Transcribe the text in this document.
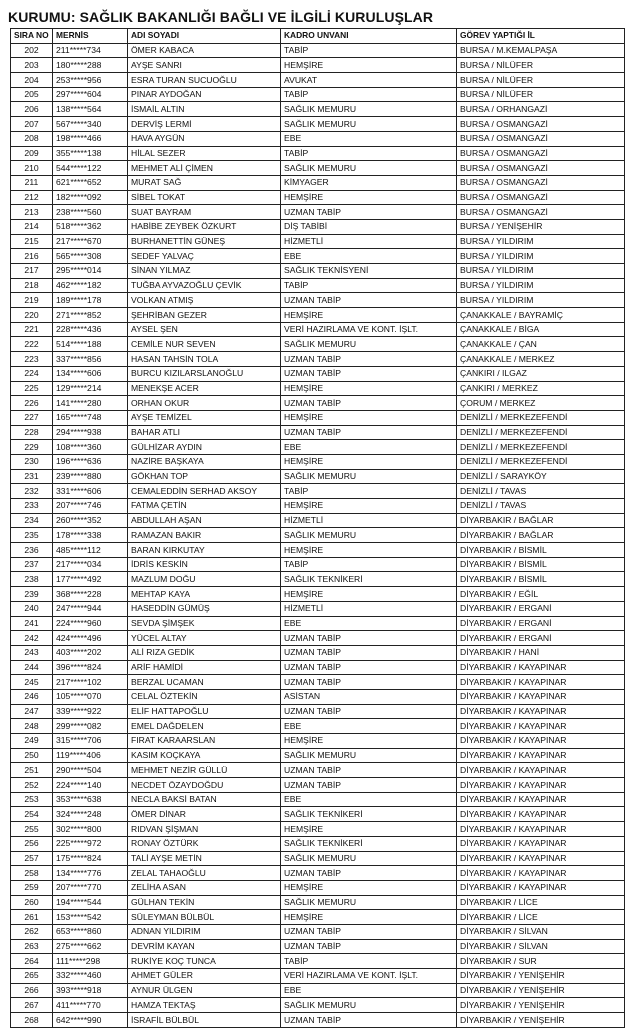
KURUMU: SAĞLIK BAKANLIĞI BAĞLI VE İLGİLİ KURULUŞLAR
SIRA NO	MERNİS	ADI SOYADI	KADRO UNVANI	GÖREV YAPTIĞI İL
202	211*****734	ÖMER KABACA	TABİP	BURSA / M.KEMALPAŞA
203	180*****288	AYŞE SANRI	HEMŞİRE	BURSA / NİLÜFER
204	253*****956	ESRA TURAN SUCUOĞLU	AVUKAT	BURSA / NİLÜFER
205	297*****604	PINAR AYDOĞAN	TABİP	BURSA / NİLÜFER
206	138*****564	İSMAİL ALTIN	SAĞLIK MEMURU	BURSA / ORHANGAZİ
207	567*****340	DERVİŞ LERMİ	SAĞLIK MEMURU	BURSA / OSMANGAZİ
208	198*****466	HAVA AYGÜN	EBE	BURSA / OSMANGAZİ
209	355*****138	HİLAL SEZER	TABİP	BURSA / OSMANGAZİ
210	544*****122	MEHMET ALİ ÇİMEN	SAĞLIK MEMURU	BURSA / OSMANGAZİ
211	621*****652	MURAT SAĞ	KİMYAGER	BURSA / OSMANGAZİ
212	182*****092	SİBEL TOKAT	HEMŞİRE	BURSA / OSMANGAZİ
213	238*****560	SUAT BAYRAM	UZMAN TABİP	BURSA / OSMANGAZİ
214	518*****362	HABİBE ZEYBEK ÖZKURT	DİŞ TABİBİ	BURSA / YENİŞEHİR
215	217*****670	BURHANETTİN GÜNEŞ	HİZMETLİ	BURSA / YILDIRIM
216	565*****308	SEDEF YALVAÇ	EBE	BURSA / YILDIRIM
217	295*****014	SİNAN YILMAZ	SAĞLIK TEKNİSYENİ	BURSA / YILDIRIM
218	462*****182	TUĞBA AYVAZOĞLU ÇEVİK	TABİP	BURSA / YILDIRIM
219	189*****178	VOLKAN ATMIŞ	UZMAN TABİP	BURSA / YILDIRIM
220	271*****852	ŞEHRİBAN GEZER	HEMŞİRE	ÇANAKKALE / BAYRAMİÇ
221	228*****436	AYSEL ŞEN	VERİ HAZIRLAMA VE KONT. İŞLT.	ÇANAKKALE / BİGA
222	514*****188	CEMİLE NUR SEVEN	SAĞLIK MEMURU	ÇANAKKALE / ÇAN
223	337*****856	HASAN TAHSİN TOLA	UZMAN TABİP	ÇANAKKALE / MERKEZ
224	134*****606	BURCU KIZILARSLANOĞLU	UZMAN TABİP	ÇANKIRI / ILGAZ
225	129*****214	MENEKŞE ACER	HEMŞİRE	ÇANKIRI / MERKEZ
226	141*****280	ORHAN OKUR	UZMAN TABİP	ÇORUM / MERKEZ
227	165*****748	AYŞE TEMİZEL	HEMŞİRE	DENİZLİ / MERKEZEFENDİ
228	294*****938	BAHAR ATLI	UZMAN TABİP	DENİZLİ / MERKEZEFENDİ
229	108*****360	GÜLHİZAR AYDIN	EBE	DENİZLİ / MERKEZEFENDİ
230	196*****636	NAZİRE BAŞKAYA	HEMŞİRE	DENİZLİ / MERKEZEFENDİ
231	239*****880	GÖKHAN TOP	SAĞLIK MEMURU	DENİZLİ / SARAYKÖY
232	331*****606	CEMALEDDİN SERHAD AKSOY	TABİP	DENİZLİ / TAVAS
233	207*****746	FATMA ÇETİN	HEMŞİRE	DENİZLİ / TAVAS
234	260*****352	ABDULLAH AŞAN	HİZMETLİ	DİYARBAKIR / BAĞLAR
235	178*****338	RAMAZAN BAKIR	SAĞLIK MEMURU	DİYARBAKIR / BAĞLAR
236	485*****112	BARAN KIRKUTAY	HEMŞİRE	DİYARBAKIR / BİSMİL
237	217*****034	İDRİS KESKİN	TABİP	DİYARBAKIR / BİSMİL
238	177*****492	MAZLUM DOĞU	SAĞLIK TEKNİKERİ	DİYARBAKIR / BİSMİL
239	368*****228	MEHTAP KAYA	HEMŞİRE	DİYARBAKIR / EĞİL
240	247*****944	HASEDDİN GÜMÜŞ	HİZMETLİ	DİYARBAKIR / ERGANİ
241	224*****960	SEVDA ŞİMŞEK	EBE	DİYARBAKIR / ERGANİ
242	424*****496	YÜCEL ALTAY	UZMAN TABİP	DİYARBAKIR / ERGANİ
243	403*****202	ALİ RIZA GEDİK	UZMAN TABİP	DİYARBAKIR / HANİ
244	396*****824	ARİF HAMİDİ	UZMAN TABİP	DİYARBAKIR / KAYAPINAR
245	217*****102	BERZAL UCAMAN	UZMAN TABİP	DİYARBAKIR / KAYAPINAR
246	105*****070	CELAL ÖZTEKİN	ASİSTAN	DİYARBAKIR / KAYAPINAR
247	339*****922	ELİF HATTAPOĞLU	UZMAN TABİP	DİYARBAKIR / KAYAPINAR
248	299*****082	EMEL DAĞDELEN	EBE	DİYARBAKIR / KAYAPINAR
249	315*****706	FIRAT KARAARSLAN	HEMŞİRE	DİYARBAKIR / KAYAPINAR
250	119*****406	KASIM KOÇKAYA	SAĞLIK MEMURU	DİYARBAKIR / KAYAPINAR
251	290*****504	MEHMET NEZİR GÜLLÜ	UZMAN TABİP	DİYARBAKIR / KAYAPINAR
252	224*****140	NECDET ÖZAYDOĞDU	UZMAN TABİP	DİYARBAKIR / KAYAPINAR
253	353*****638	NECLA BAKSİ BATAN	EBE	DİYARBAKIR / KAYAPINAR
254	324*****248	ÖMER DİNAR	SAĞLIK TEKNİKERİ	DİYARBAKIR / KAYAPINAR
255	302*****800	RIDVAN ŞİŞMAN	HEMŞİRE	DİYARBAKIR / KAYAPINAR
256	225*****972	RONAY ÖZTÜRK	SAĞLIK TEKNİKERİ	DİYARBAKIR / KAYAPINAR
257	175*****824	TALİ AYŞE METİN	SAĞLIK MEMURU	DİYARBAKIR / KAYAPINAR
258	134*****776	ZELAL TAHAOĞLU	UZMAN TABİP	DİYARBAKIR / KAYAPINAR
259	207*****770	ZELİHA ASAN	HEMŞİRE	DİYARBAKIR / KAYAPINAR
260	194*****544	GÜLHAN TEKİN	SAĞLIK MEMURU	DİYARBAKIR / LİCE
261	153*****542	SÜLEYMAN BÜLBÜL	HEMŞİRE	DİYARBAKIR / LİCE
262	653*****860	ADNAN YILDIRIM	UZMAN TABİP	DİYARBAKIR / SİLVAN
263	275*****662	DEVRİM KAYAN	UZMAN TABİP	DİYARBAKIR / SİLVAN
264	111*****298	RUKİYE KOÇ TUNCA	TABİP	DİYARBAKIR / SUR
265	332*****460	AHMET GÜLER	VERİ HAZIRLAMA VE KONT. İŞLT.	DİYARBAKIR / YENİŞEHİR
266	393*****918	AYNUR ÜLGEN	EBE	DİYARBAKIR / YENİŞEHİR
267	411*****770	HAMZA TEKTAŞ	SAĞLIK MEMURU	DİYARBAKIR / YENİŞEHİR
268	642*****990	İSRAFİL BÜLBÜL	UZMAN TABİP	DİYARBAKIR / YENİŞEHİR
